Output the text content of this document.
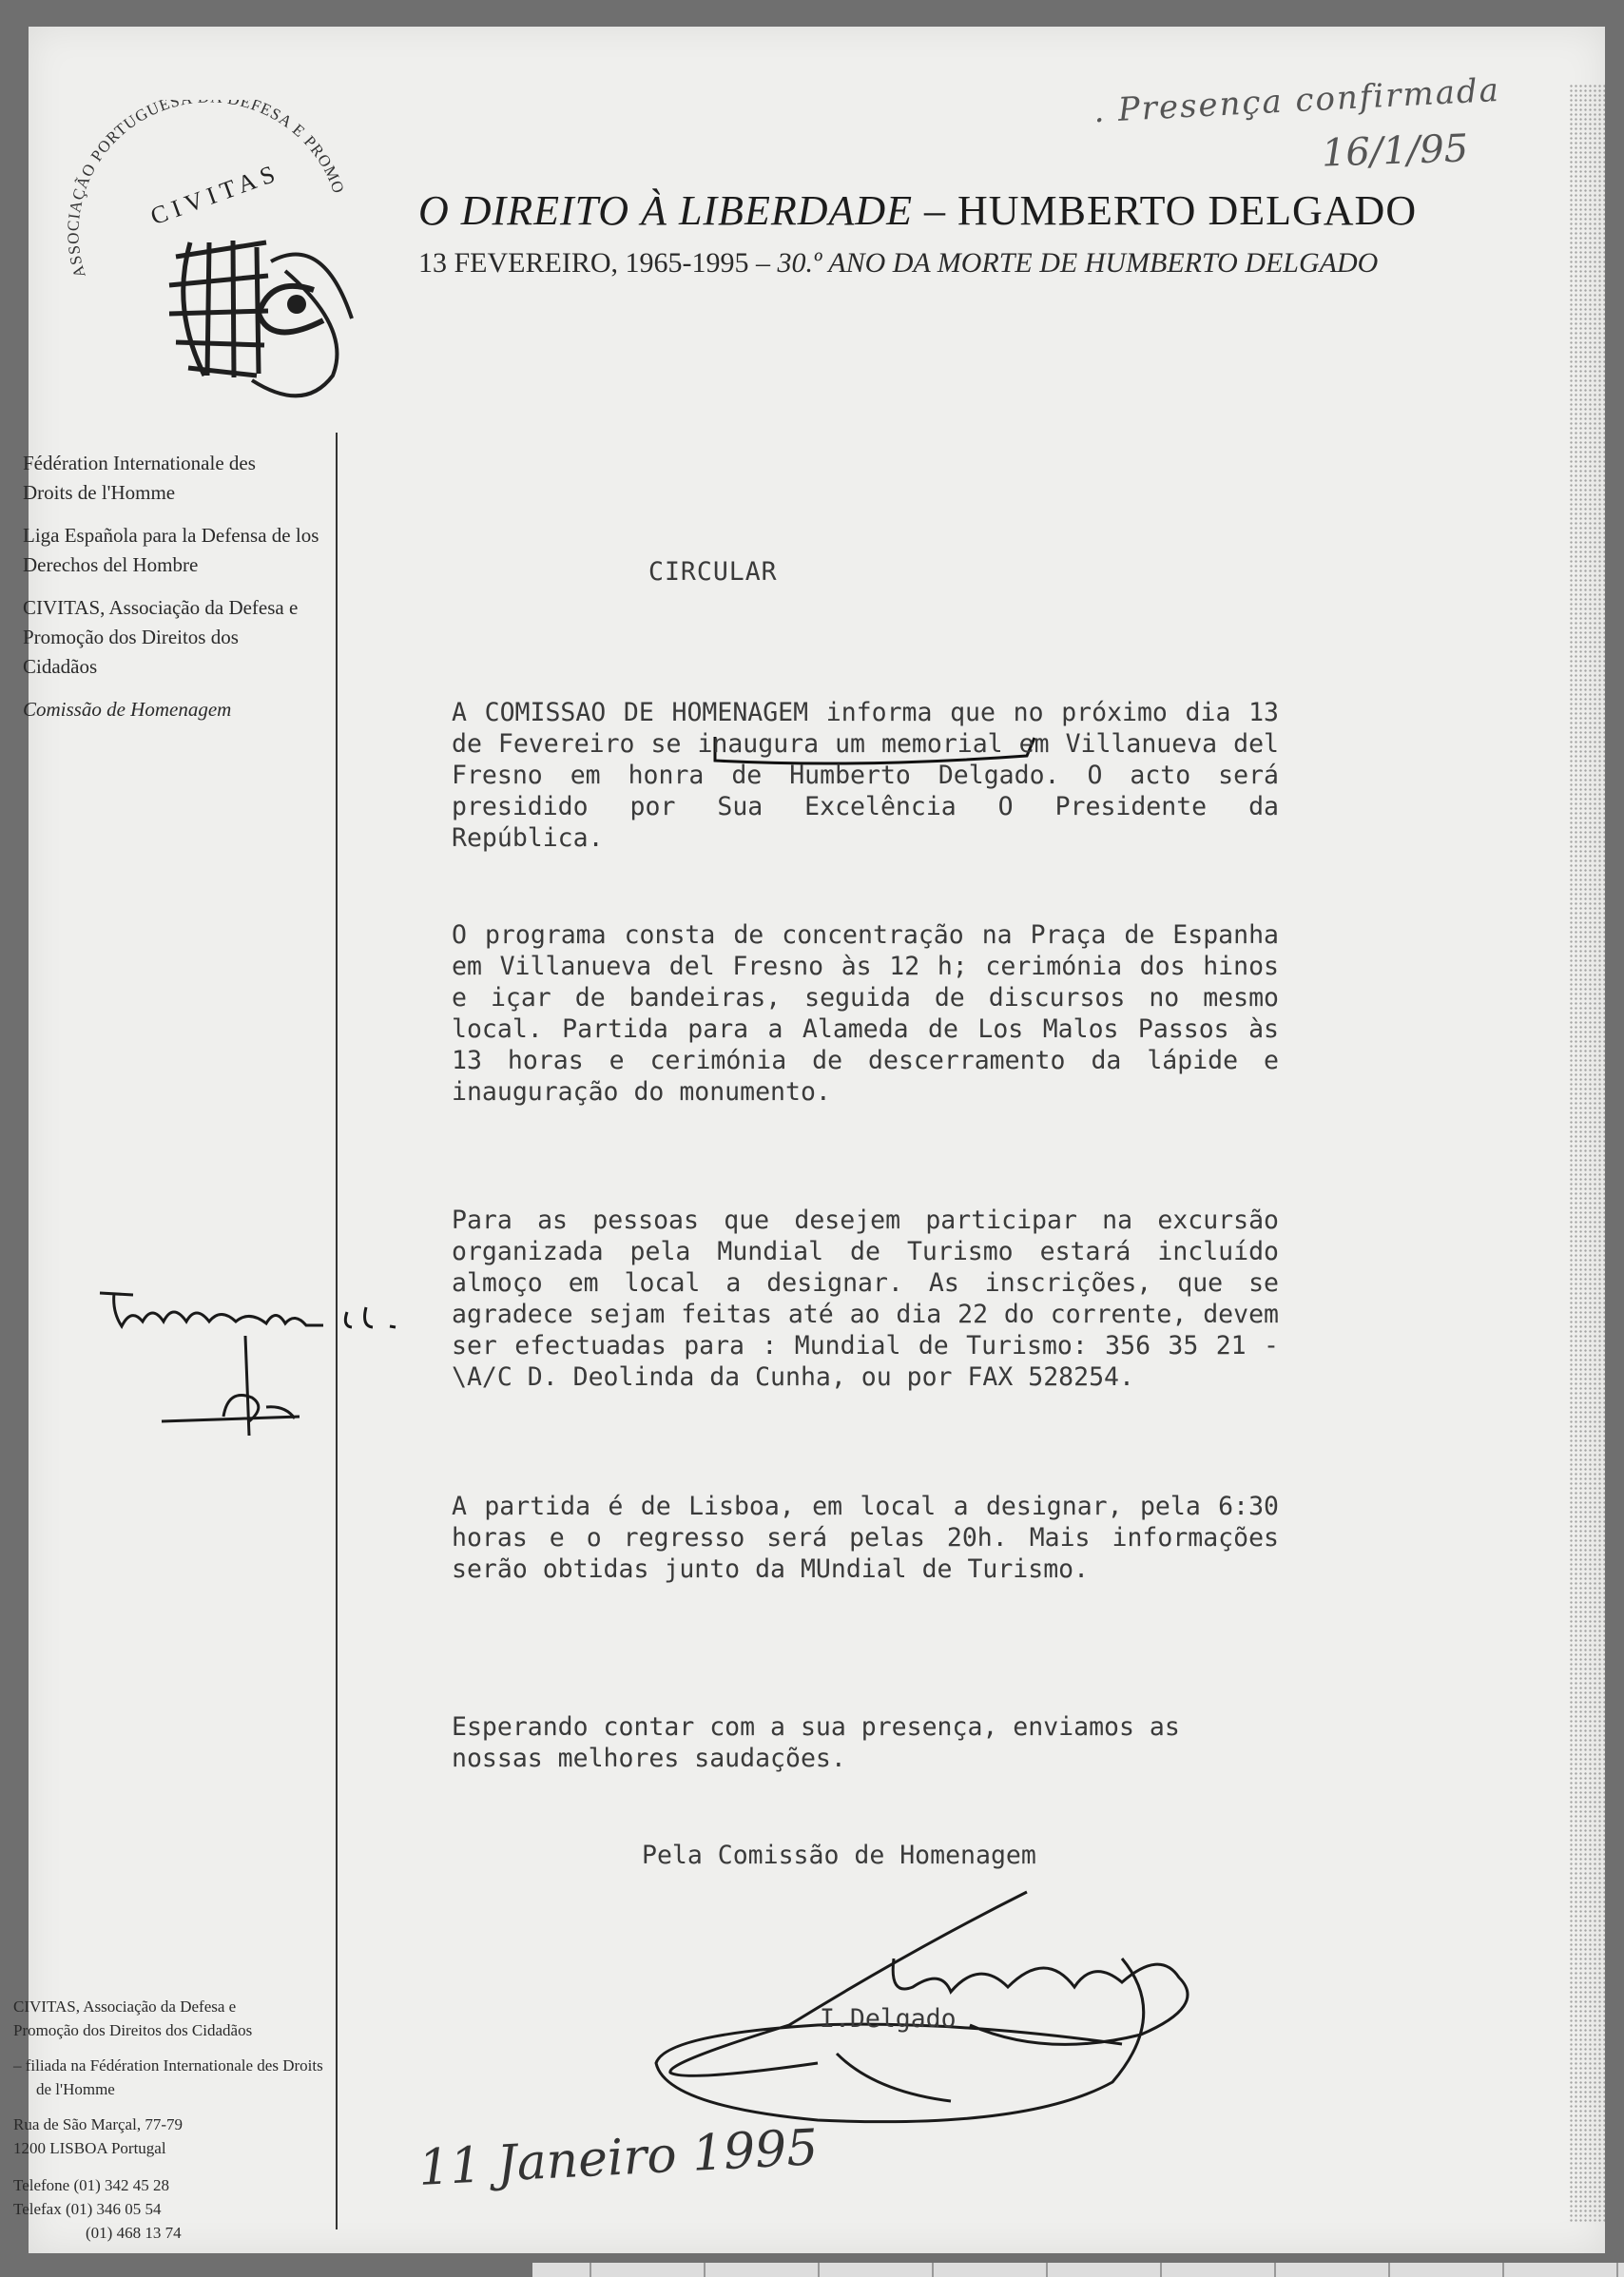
. Presença confirmada
16/1/95
ASSOCIAÇÃO PORTUGUES EFESA E PROMO
CIVITAS	O DIREITO À LIBERDADE – HUMBERTO DELGADO
13 FEVEREIRO, 1965-1995 – 30.º ANO DA MORTE DE HUMBERTO DELGADO

Fédération Internationale des Droits de l'Homme

Liga Española para la Defensa de los Derechos del Hombre

CIVITAS, Associação da Defesa e Promoção dos Direitos dos Cidadãos

Comissão de Homenagem

CIVITAS, Associação da Defesa e Promoção dos Direitos dos Cidadãos

– filiada na Fédération Internationale des Droits de l'Homme

Rua de São Marçal, 77-79
1200 LISBOA Portugal

Telefone (01) 342 45 28
Telefax (01) 346 05 54
(01) 468 13 74

CIRCULAR

A COMISSAO DE HOMENAGEM informa que no próximo dia 13 de Fevereiro se inaugura um memorial em Villanueva del Fresno em honra de Humberto Delgado. O acto será presidido por Sua Excelência O Presidente da República.

O programa consta de concentração na Praça de Espanha em Villanueva del Fresno às 12 h; cerimónia dos hinos e içar de bandeiras, seguida de discursos no mesmo local. Partida para a Alameda de Los Malos Passos às 13 horas e cerimónia de descerramento da lápide e inauguração do monumento.

Para as pessoas que desejem participar na excursão organizada pela Mundial de Turismo estará incluído almoço em local a designar. As inscrições, que se agradece sejam feitas até ao dia 22 do corrente, devem ser efectuadas para : Mundial de Turismo: 356 35 21 - \A/C D. Deolinda da Cunha, ou por FAX 528254.

A partida é de Lisboa, em local a designar, pela 6:30 horas e o regresso será pelas 20h. Mais informações serão obtidas junto da MUndial de Turismo.

Esperando contar com a sua presença, enviamos as nossas melhores saudações.
Pela Comissão de Homenagem
I.Delgado
11 Janeiro 1995
